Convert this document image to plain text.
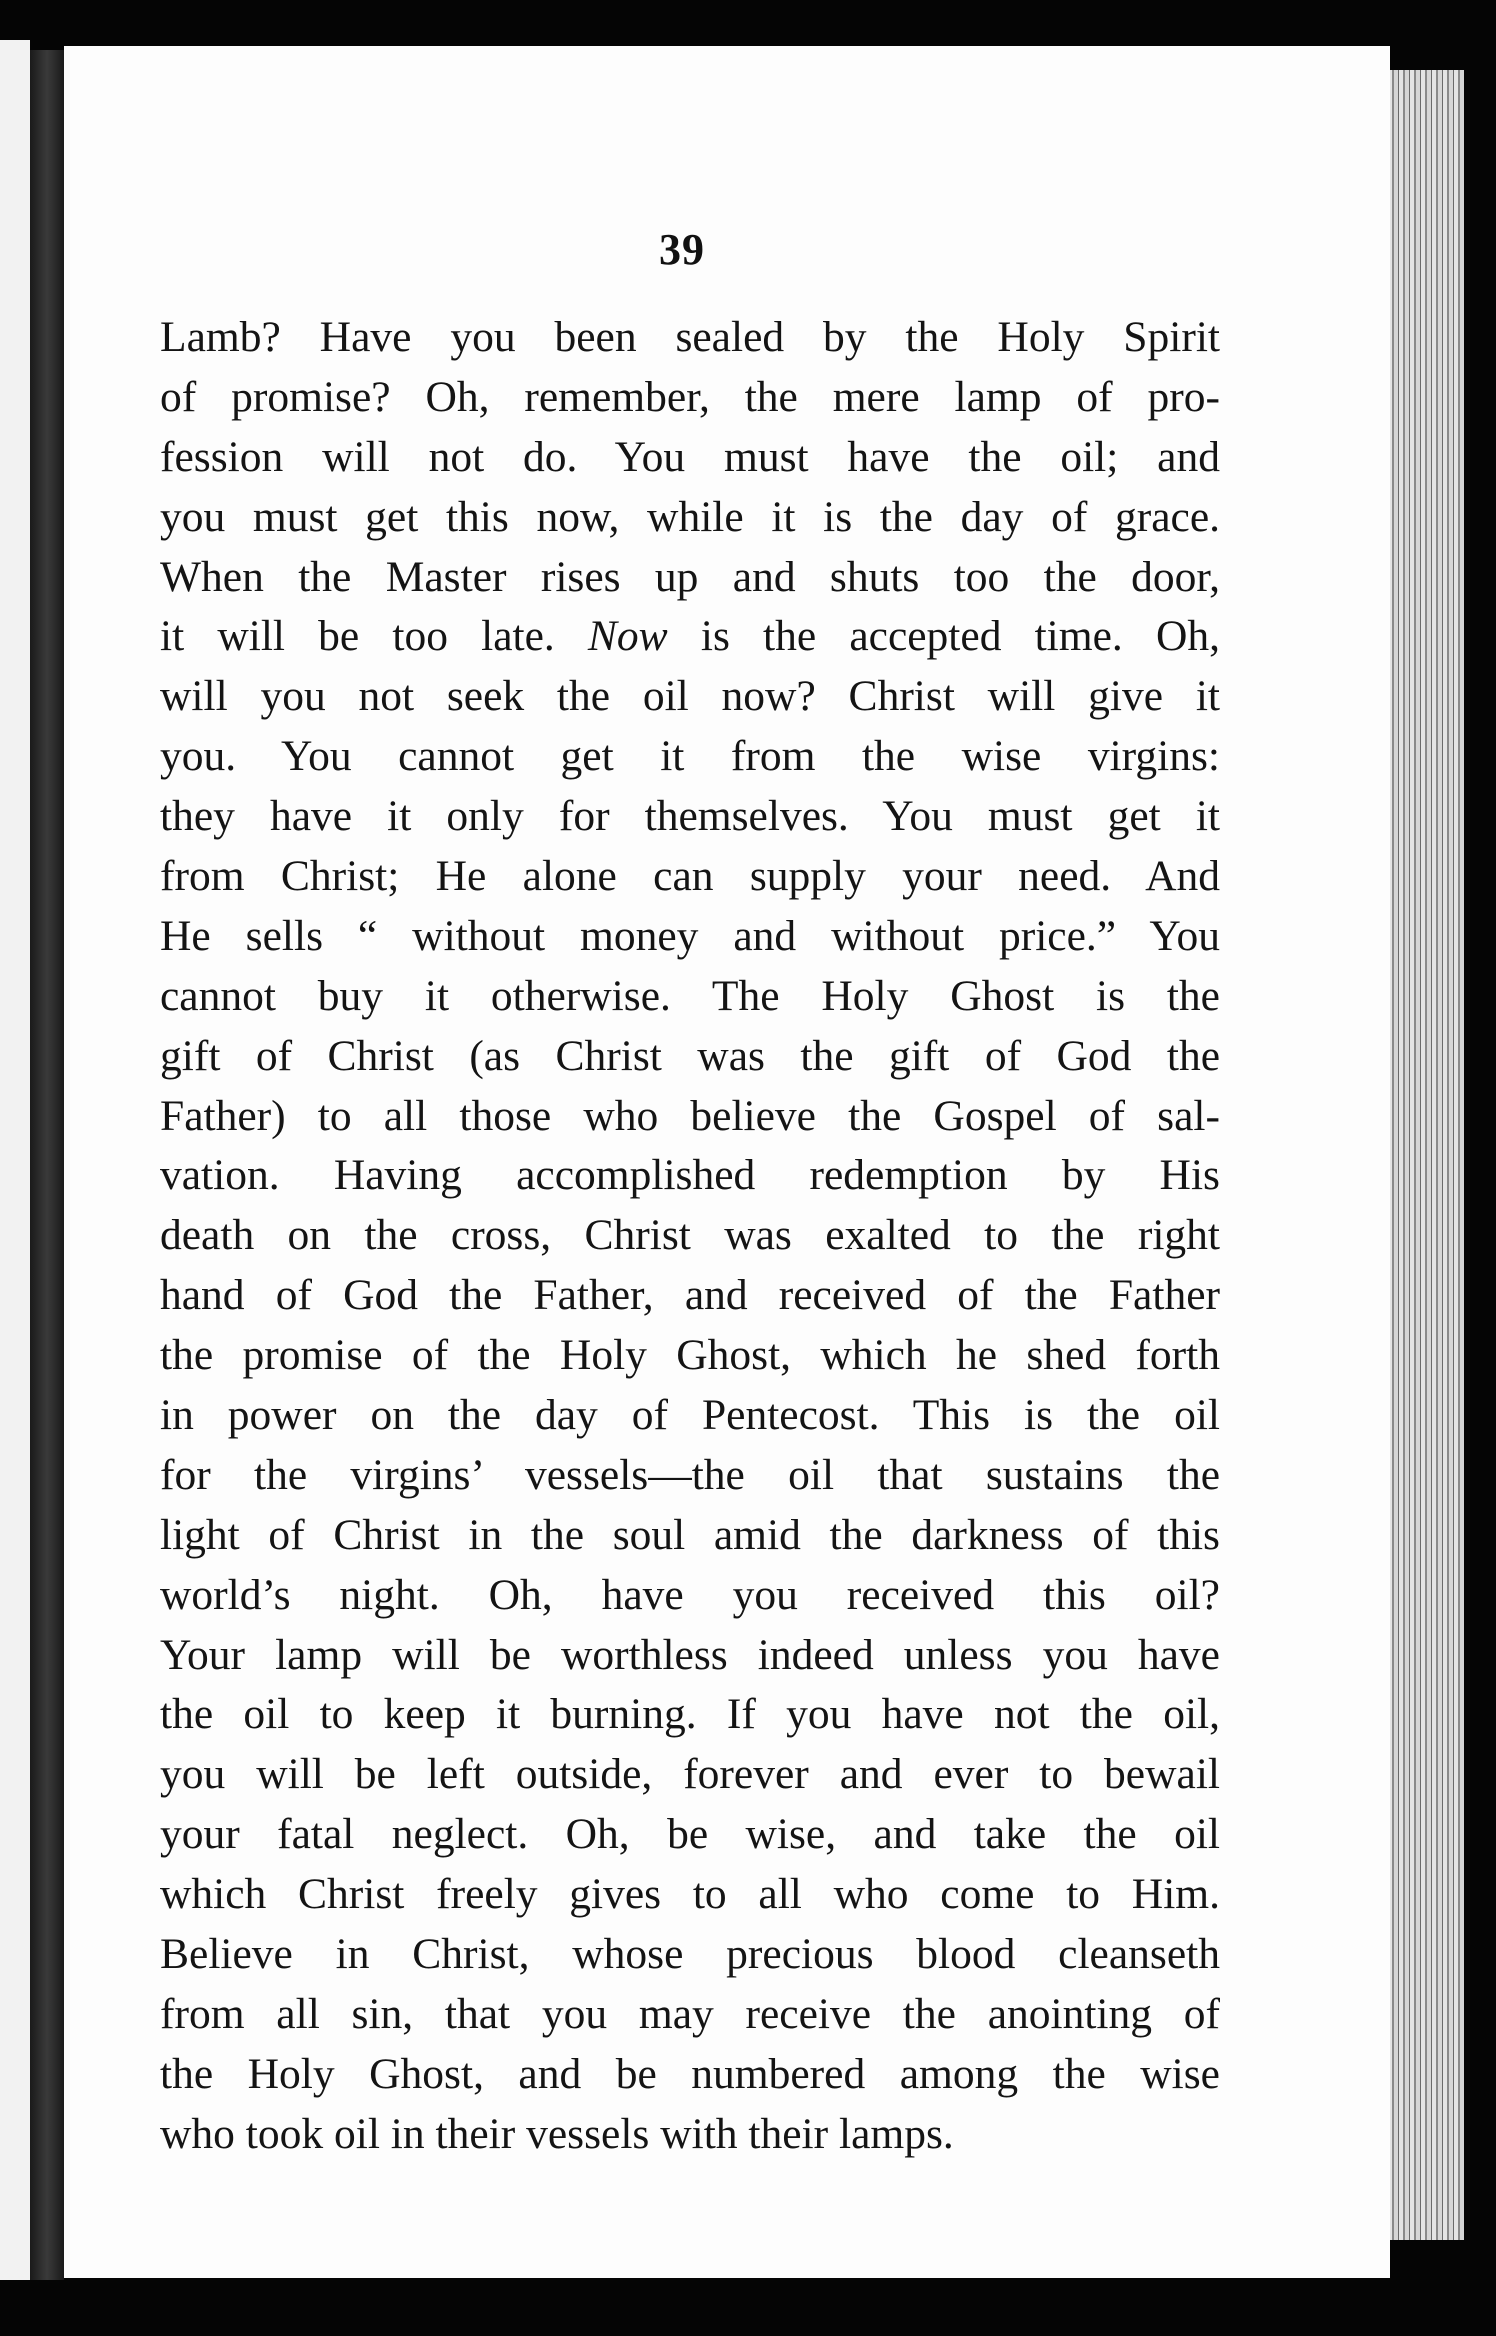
39
Lamb? Have you been sealed by the Holy Spirit
of promise? Oh, remember, the mere lamp of pro-
fession will not do. You must have the oil; and
you must get this now, while it is the day of grace.
When the Master rises up and shuts too the door,
it will be too late. Now is the accepted time. Oh,
will you not seek the oil now? Christ will give it
you. You cannot get it from the wise virgins:
they have it only for themselves. You must get it
from Christ; He alone can supply your need. And
He sells “ without money and without price.” You
cannot buy it otherwise. The Holy Ghost is the
gift of Christ (as Christ was the gift of God the
Father) to all those who believe the Gospel of sal-
vation. Having accomplished redemption by His
death on the cross, Christ was exalted to the right
hand of God the Father, and received of the Father
the promise of the Holy Ghost, which he shed forth
in power on the day of Pentecost. This is the oil
for the virgins’ vessels—the oil that sustains the
light of Christ in the soul amid the darkness of this
world’s night. Oh, have you received this oil?
Your lamp will be worthless indeed unless you have
the oil to keep it burning. If you have not the oil,
you will be left outside, forever and ever to bewail
your fatal neglect. Oh, be wise, and take the oil
which Christ freely gives to all who come to Him.
Believe in Christ, whose precious blood cleanseth
from all sin, that you may receive the anointing of
the Holy Ghost, and be numbered among the wise
who took oil in their vessels with their lamps.
